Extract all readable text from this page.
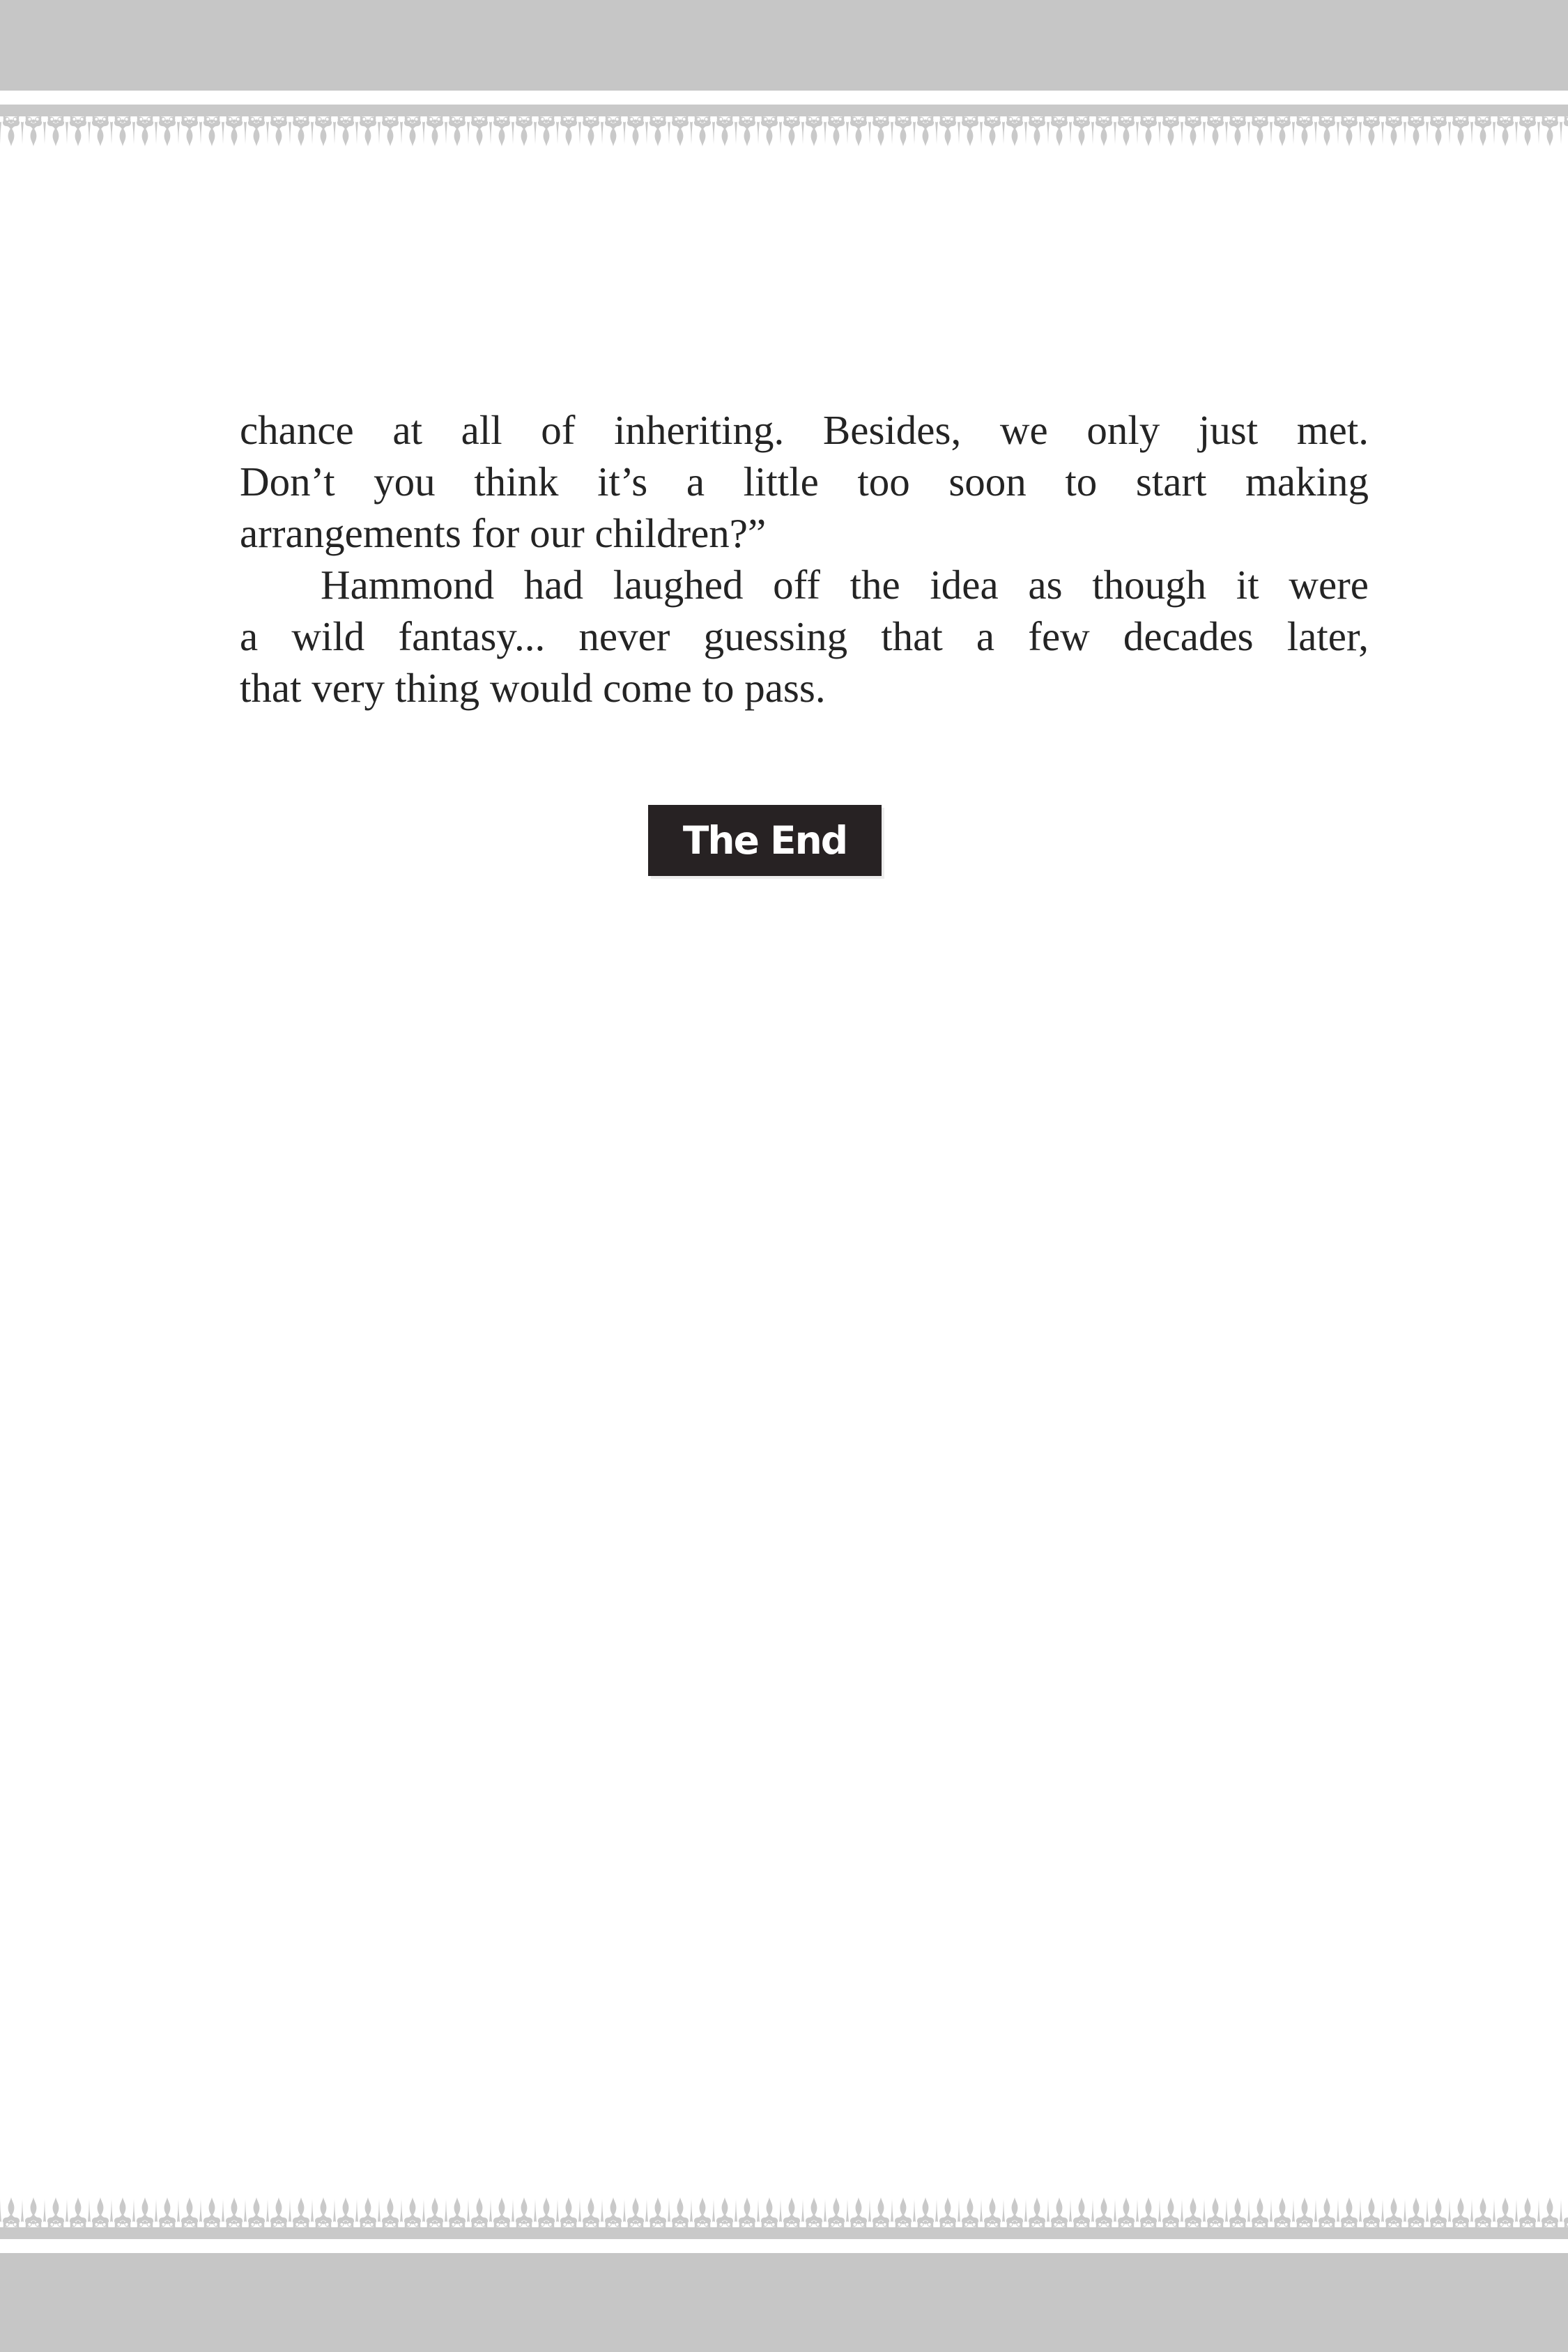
chance at all of inheriting. Besides, we only just met.
Don’t you think it’s a little too soon to start making
arrangements for our children?”

Hammond had laughed off the idea as though it were
a wild fantasy... never guessing that a few decades later,
that very thing would come to pass.

The End
